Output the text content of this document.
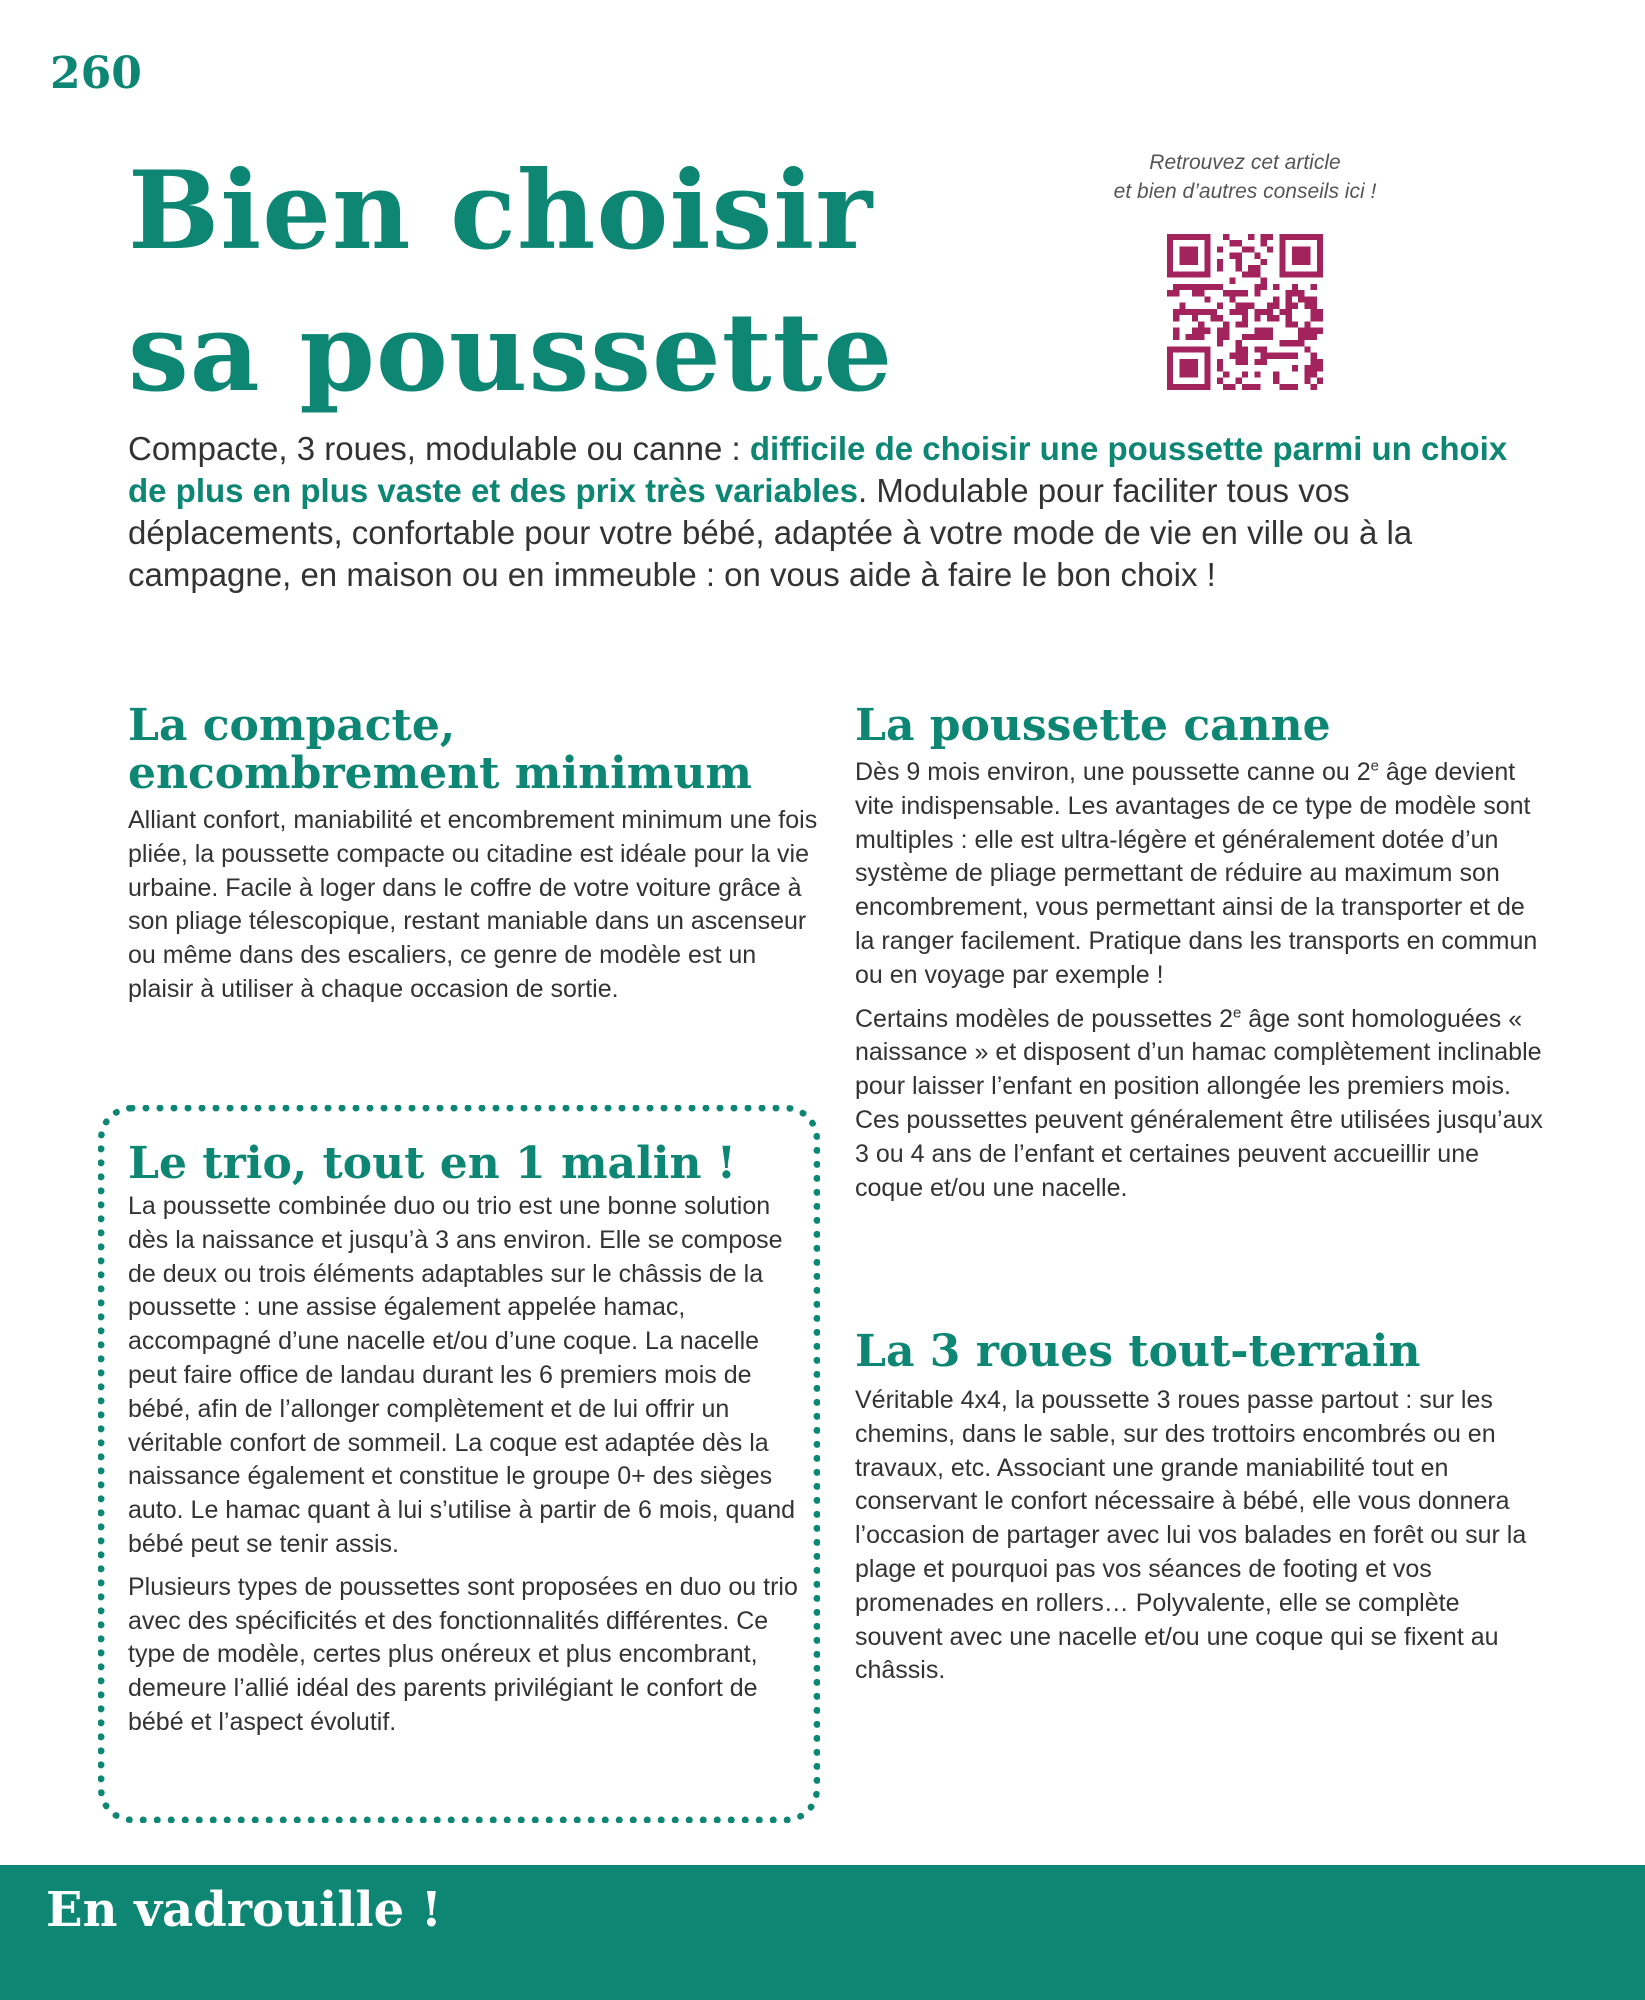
260

Bien choisir
sa poussette

Retrouvez cet article
et bien d’autres conseils ici !

Compacte, 3 roues, modulable ou canne : difficile de choisir une poussette parmi un choix de plus en plus vaste et des prix très variables. Modulable pour faciliter tous vos déplacements, confortable pour votre bébé, adaptée à votre mode de vie en ville ou à la campagne, en maison ou en immeuble : on vous aide à faire le bon choix !

La compacte,
encombrement minimum

Alliant confort, maniabilité et encombrement minimum une fois pliée, la poussette compacte ou citadine est idéale pour la vie urbaine. Facile à loger dans le coffre de votre voiture grâce à son pliage télescopique, restant maniable dans un ascenseur ou même dans des escaliers, ce genre de modèle est un plaisir à utiliser à chaque occasion de sortie.

Le trio, tout en 1 malin !

La poussette combinée duo ou trio est une bonne solution dès la naissance et jusqu’à 3 ans environ. Elle se compose de deux ou trois éléments adaptables sur le châssis de la poussette : une assise également appelée hamac, accompagné d’une nacelle et/ou d’une coque. La nacelle peut faire office de landau durant les 6 premiers mois de bébé, afin de l’allonger complètement et de lui offrir un véritable confort de sommeil. La coque est adaptée dès la naissance également et constitue le groupe 0+ des sièges auto. Le hamac quant à lui s’utilise à partir de 6 mois, quand bébé peut se tenir assis.

Plusieurs types de poussettes sont proposées en duo ou trio avec des spécificités et des fonctionnalités différentes. Ce type de modèle, certes plus onéreux et plus encombrant, demeure l’allié idéal des parents privilégiant le confort de bébé et l’aspect évolutif.

La poussette canne

Dès 9 mois environ, une poussette canne ou 2e âge devient vite indispensable. Les avantages de ce type de modèle sont multiples : elle est ultra-légère et généralement dotée d’un système de pliage permettant de réduire au maximum son encombrement, vous permettant ainsi de la transporter et de la ranger facilement. Pratique dans les transports en commun ou en voyage par exemple !

Certains modèles de poussettes 2e âge sont homologuées « naissance » et disposent d’un hamac complètement inclinable pour laisser l’enfant en position allongée les premiers mois. Ces poussettes peuvent généralement être utilisées jusqu’aux 3 ou 4 ans de l’enfant et certaines peuvent accueillir une coque et/ou une nacelle.

La 3 roues tout-terrain

Véritable 4x4, la poussette 3 roues passe partout : sur les chemins, dans le sable, sur des trottoirs encombrés ou en travaux, etc. Associant une grande maniabilité tout en conservant le confort nécessaire à bébé, elle vous donnera l’occasion de partager avec lui vos balades en forêt ou sur la plage et pourquoi pas vos séances de footing et vos promenades en rollers… Polyvalente, elle se complète souvent avec une nacelle et/ou une coque qui se fixent au châssis.

En vadrouille !
